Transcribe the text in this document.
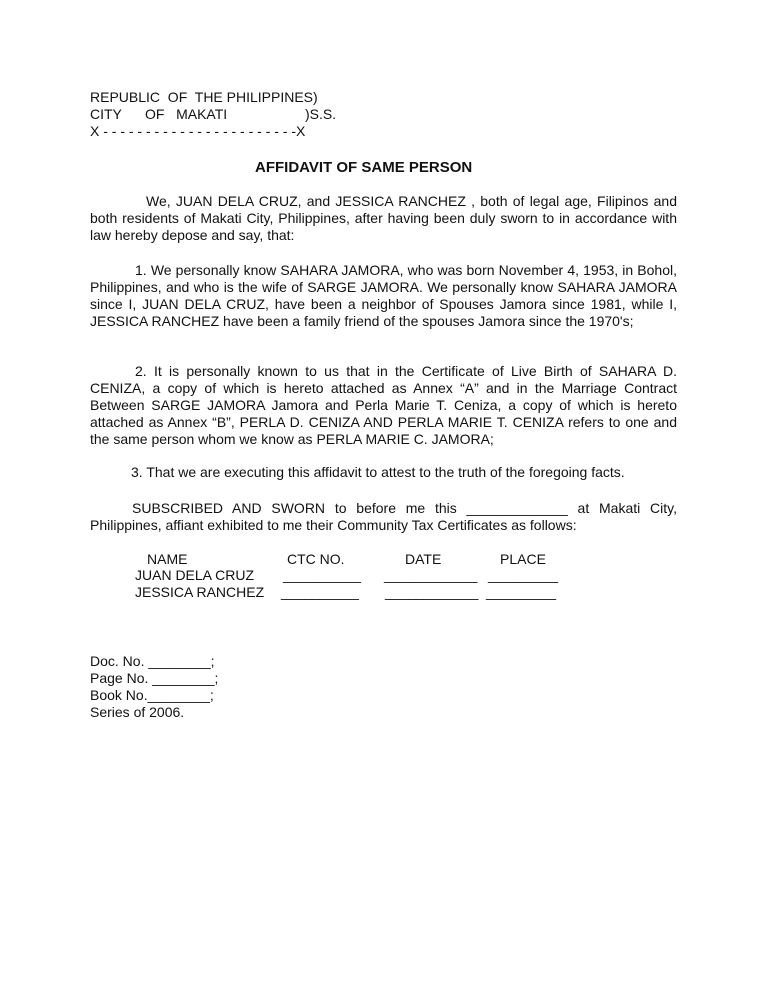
REPUBLIC  OF  THE PHILIPPINES)
CITY      OF   MAKATI                    )S.S.
X - - - - - - - - - - - - - - - - - - - - - - -X
AFFIDAVIT OF SAME PERSON

We, JUAN DELA CRUZ, and JESSICA RANCHEZ , both of legal age, Filipinos and both residents of Makati City, Philippines, after having been duly sworn to in accordance with law hereby depose and say, that:

1. We personally know SAHARA JAMORA, who was born November 4, 1953, in Bohol, Philippines, and who is the wife of SARGE JAMORA. We personally know SAHARA JAMORA since I, JUAN DELA CRUZ, have been a neighbor of Spouses Jamora since 1981, while I, JESSICA RANCHEZ have been a family friend of the spouses Jamora since the 1970's;

2. It is personally known to us that in the Certificate of Live Birth of SAHARA D. CENIZA, a copy of which is hereto attached as Annex “A” and in the Marriage Contract Between SARGE JAMORA Jamora and Perla Marie T. Ceniza, a copy of which is hereto attached as Annex “B”, PERLA D. CENIZA AND PERLA MARIE T. CENIZA refers to one and the same person whom we know as PERLA MARIE C. JAMORA;

3. That we are executing this affidavit to attest to the truth of the foregoing facts.

SUBSCRIBED AND SWORN to before me this _____________ at Makati City, Philippines, affiant exhibited to me their Community Tax Certificates as follows:

NAME	CTC NO.	DATE	PLACE
JUAN DELA CRUZ __________ ____________ _________
JESSICA RANCHEZ __________ ____________ _________
Doc. No. ________;
Page No. ________;
Book No.________;
Series of 2006.
